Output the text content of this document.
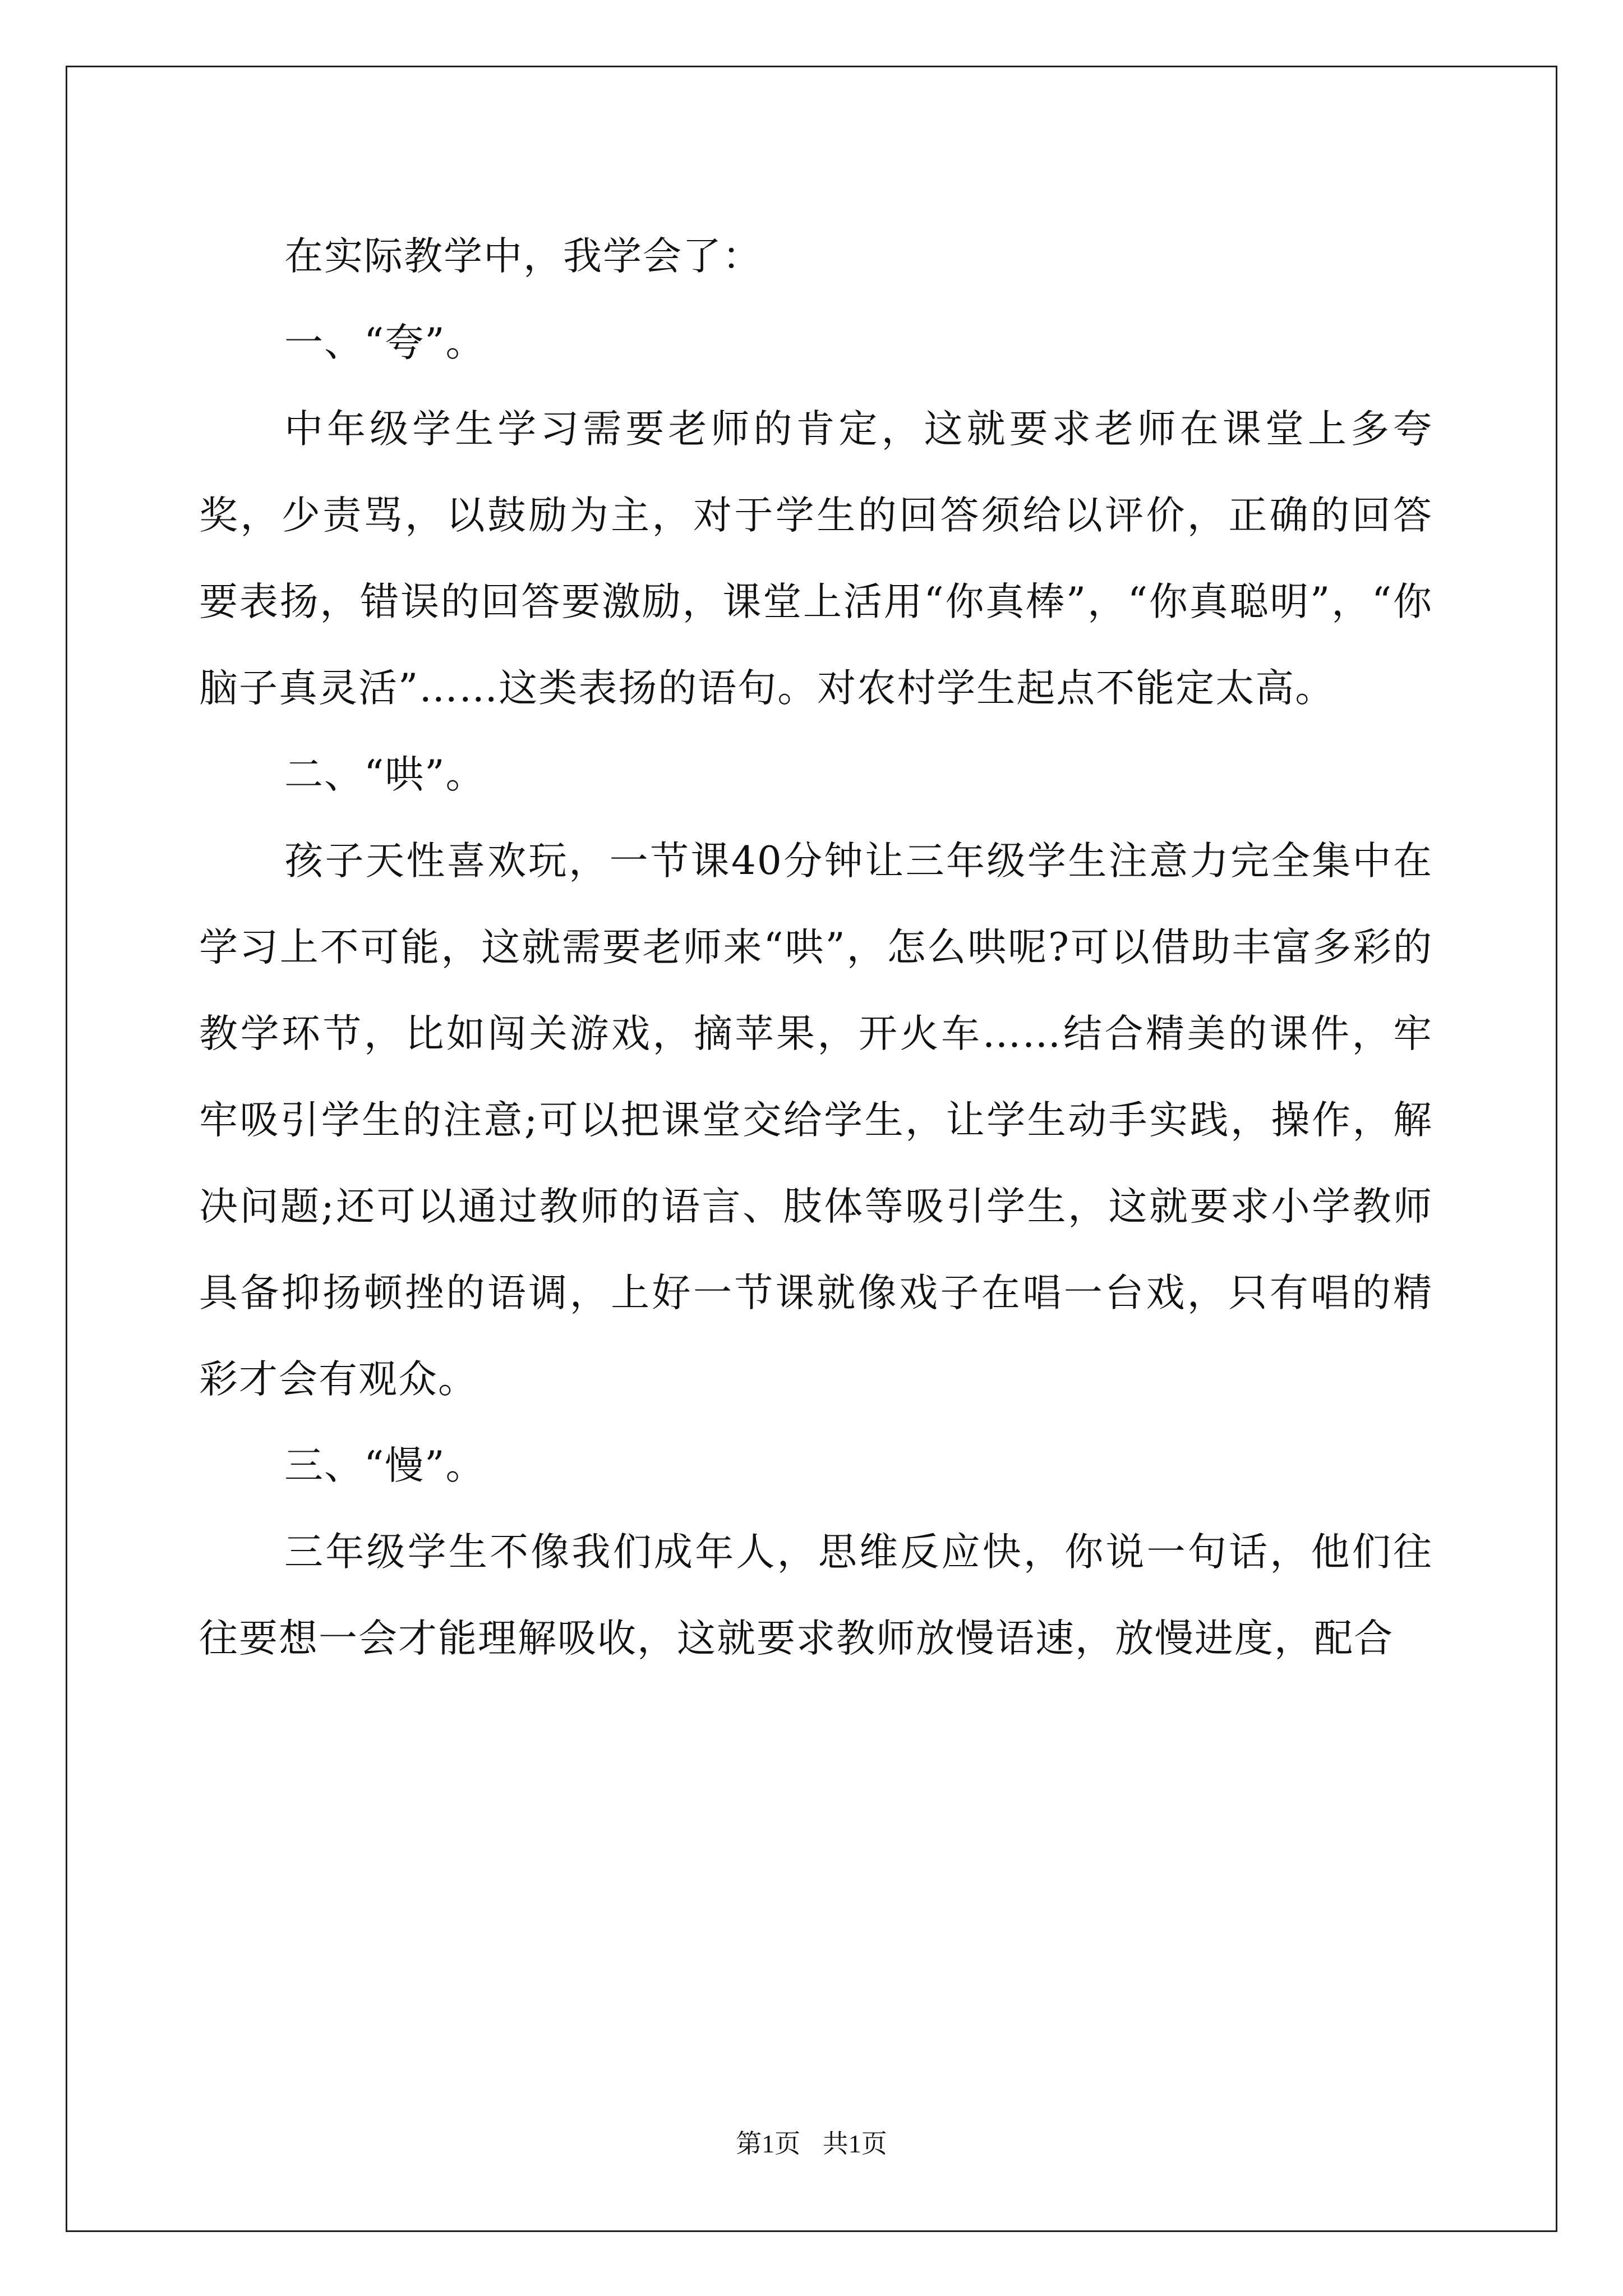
在实际教学中，我学会了：

一、“夸”。

中年级学生学习需要老师的肯定，这就要求老师在课堂上多夸奖，少责骂，以鼓励为主，对于学生的回答须给以评价，正确的回答要表扬，错误的回答要激励，课堂上活用“你真棒”，“你真聪明”，“你脑子真灵活”……这类表扬的语句。对农村学生起点不能定太高。

二、“哄”。

孩子天性喜欢玩，一节课40分钟让三年级学生注意力完全集中在学习上不可能，这就需要老师来“哄”，怎么哄呢?可以借助丰富多彩的教学环节，比如闯关游戏，摘苹果，开火车……结合精美的课件，牢牢吸引学生的注意;可以把课堂交给学生，让学生动手实践，操作，解决问题;还可以通过教师的语言、肢体等吸引学生，这就要求小学教师具备抑扬顿挫的语调，上好一节课就像戏子在唱一台戏，只有唱的精彩才会有观众。

三、“慢”。

三年级学生不像我们成年人，思维反应快，你说一句话，他们往往要想一会才能理解吸收，这就要求教师放慢语速，放慢进度，配合

第1页 共1页
